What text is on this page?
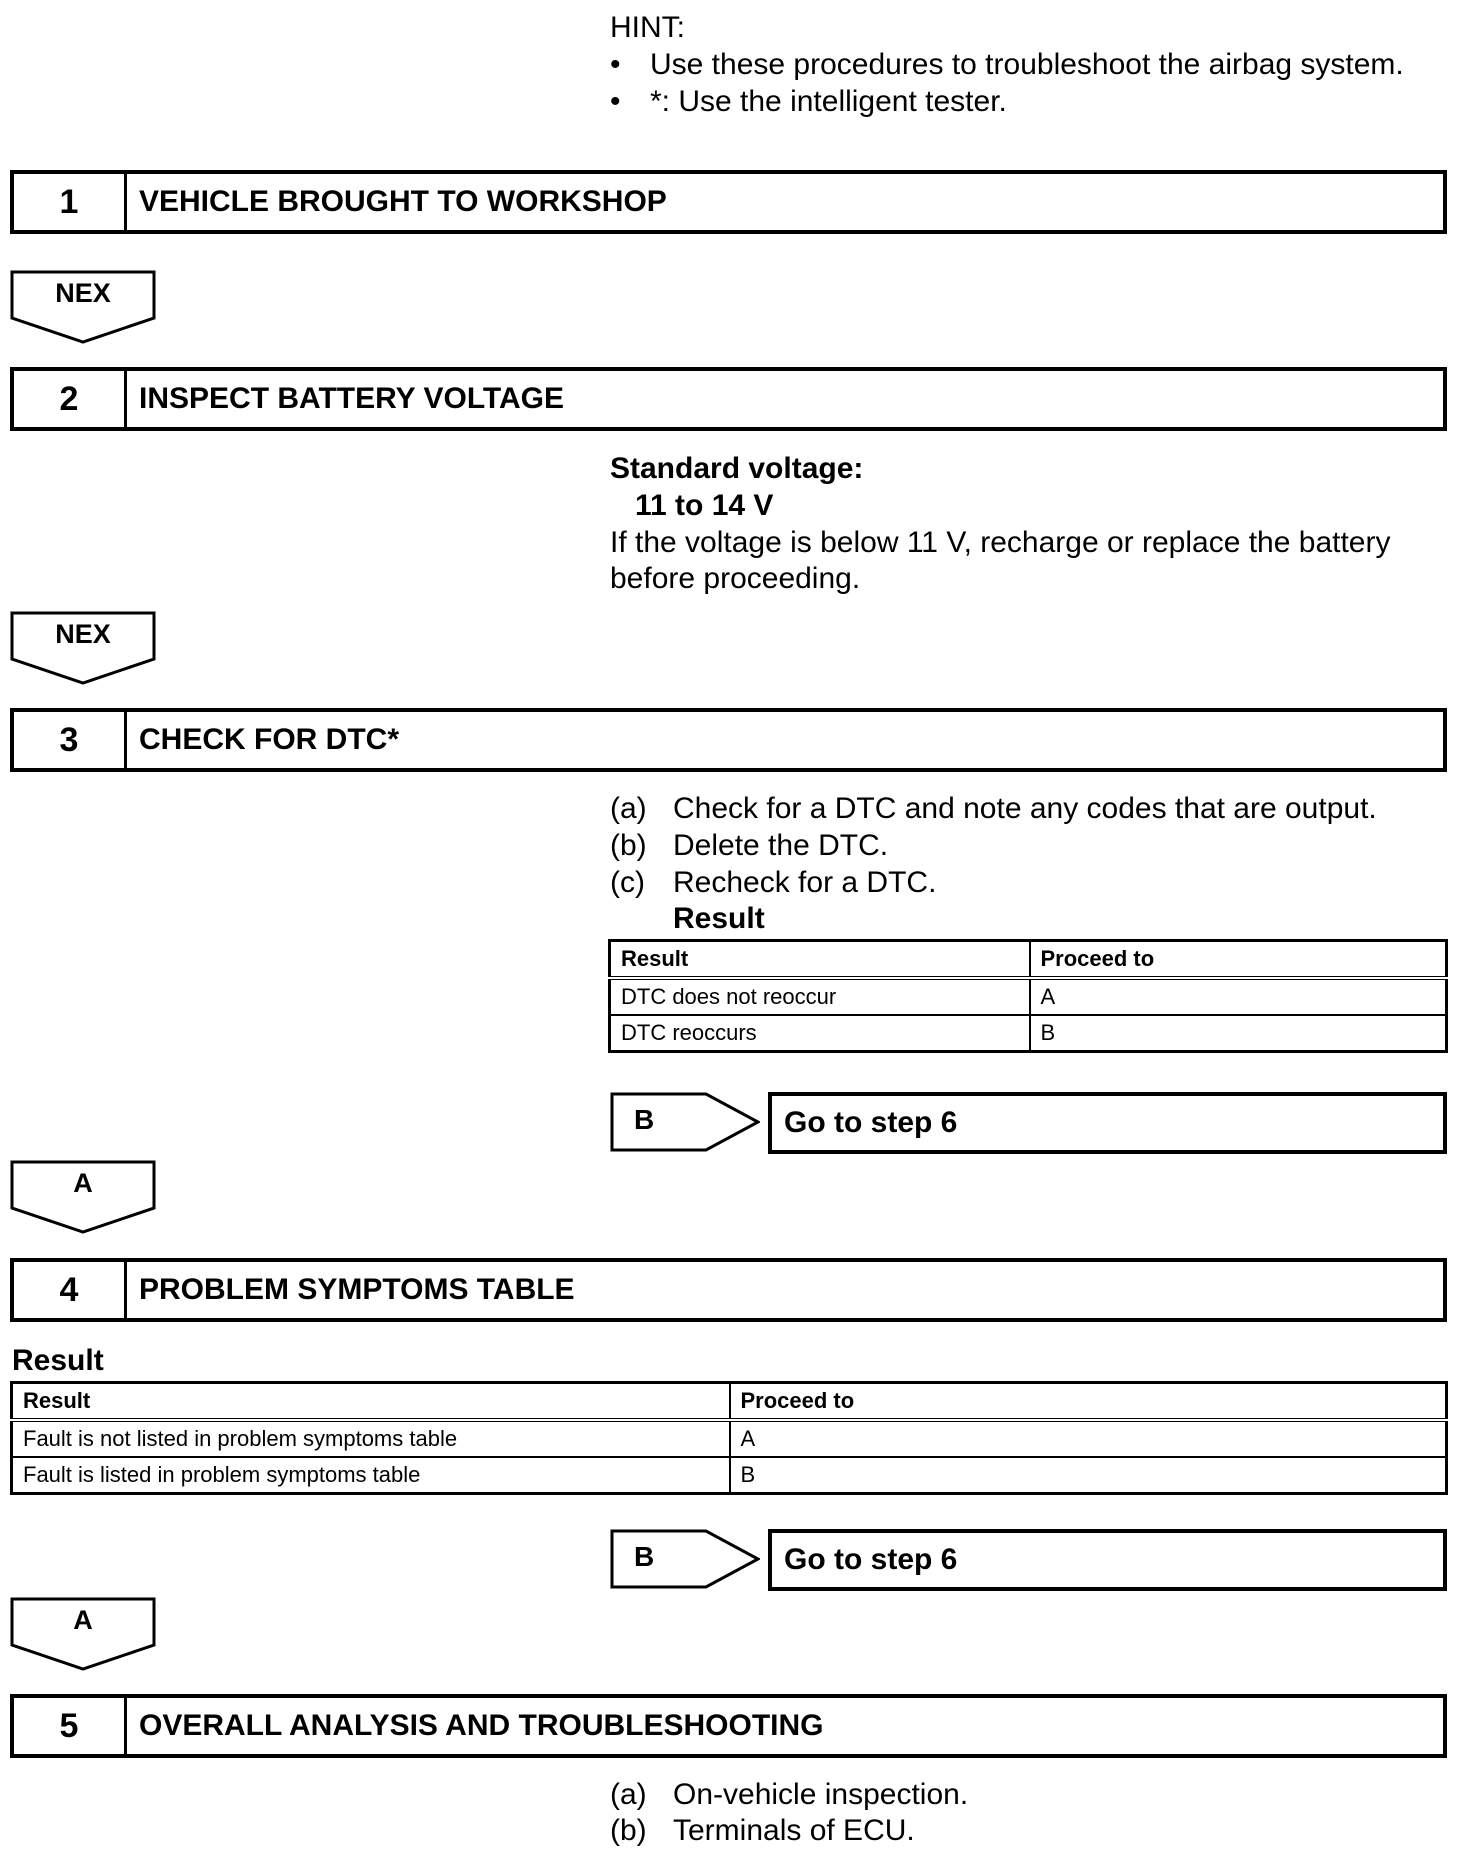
HINT:
• Use these procedures to troubleshoot the airbag system.
• *: Use the intelligent tester.
1	VEHICLE BROUGHT TO WORKSHOP
NEX
2	INSPECT BATTERY VOLTAGE
Standard voltage:
11 to 14 V
If the voltage is below 11 V, recharge or replace the battery
before proceeding.
NEX
3	CHECK FOR DTC*
(a) Check for a DTC and note any codes that are output.
(b) Delete the DTC.
(c) Recheck for a DTC.
Result
Result	Proceed to
DTC does not reoccur	A
DTC reoccurs	B
B	Go to step 6
A
4	PROBLEM SYMPTOMS TABLE
Result
Result	Proceed to
Fault is not listed in problem symptoms table	A
Fault is listed in problem symptoms table	B
B	Go to step 6
A
5	OVERALL ANALYSIS AND TROUBLESHOOTING
(a) On-vehicle inspection.
(b) Terminals of ECU.
